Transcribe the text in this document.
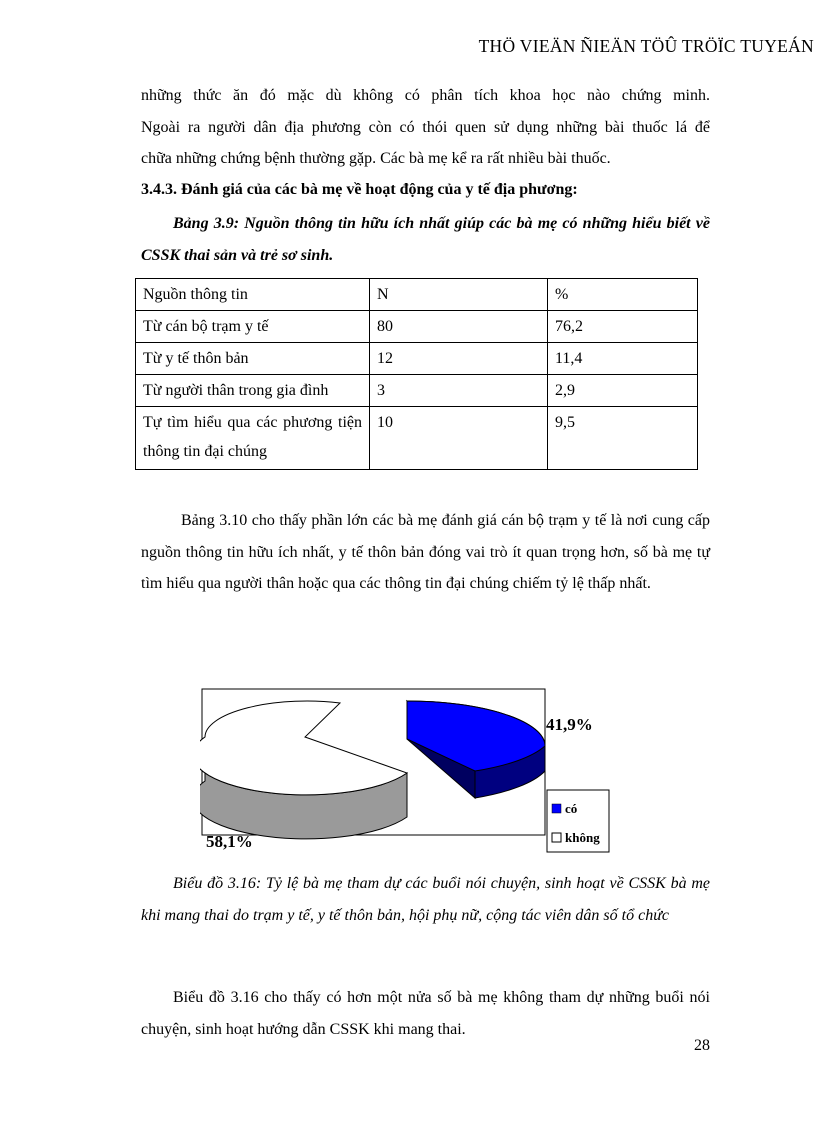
THÖ VIEÄN ÑIEÄN TÖÛ TRÖÏC TUYEÁN

những thức ăn đó mặc dù không có phân tích khoa học nào chứng minh.
Ngoài ra người dân địa phương còn có thói quen sử dụng những bài thuốc lá để
chữa những chứng bệnh thường gặp. Các bà mẹ kể ra rất nhiều bài thuốc.

3.4.3. Đánh giá của các bà mẹ về hoạt động của y tế địa phương:

Bảng 3.9: Nguồn thông tin hữu ích nhất giúp các bà mẹ có những hiểu biết về CSSK thai sản và trẻ sơ sinh.

Nguồn thông tin	N	%
Từ cán bộ trạm y tế	80	76,2
Từ y tế thôn bản	12	11,4
Từ người thân trong gia đình	3	2,9
Tự tìm hiểu qua các phương tiện thông tin đại chúng	10	9,5

Bảng 3.10 cho thấy phần lớn các bà mẹ đánh giá cán bộ trạm y tế là nơi cung cấp nguồn thông tin hữu ích nhất, y tế thôn bản đóng vai trò ít quan trọng hơn, số bà mẹ tự tìm hiểu qua người thân hoặc qua các thông tin đại chúng chiếm tỷ lệ thấp nhất.

41,9%
58,1%
có
không

Biểu đồ 3.16: Tỷ lệ bà mẹ tham dự các buổi nói chuyện, sinh hoạt về CSSK bà mẹ khi mang thai do trạm y tế, y tế thôn bản, hội phụ nữ, cộng tác viên dân số tổ chức

Biểu đồ 3.16 cho thấy có hơn một nửa số bà mẹ không tham dự những buổi nói chuyện, sinh hoạt hướng dẫn CSSK khi mang thai.

28
